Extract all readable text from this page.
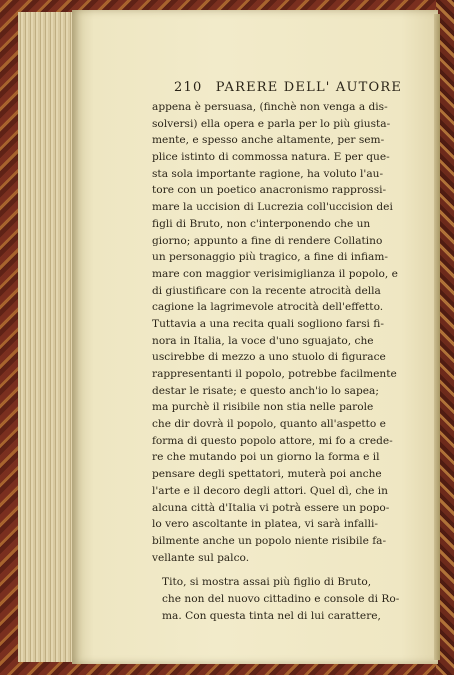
210 PARERE DELL' AUTORE
appena è persuasa, (finchè non venga a dis-
solversi) ella opera e parla per lo più giusta-
mente, e spesso anche altamente, per sem-
plice istinto di commossa natura. E per que-
sta sola importante ragione, ha voluto l'au-
tore con un poetico anacronismo rapprossi-
mare la uccision di Lucrezia coll'uccision dei
figli di Bruto, non c'interponendo che un
giorno; appunto a fine di rendere Collatino
un personaggio più tragico, a fine di infiam-
mare con maggior verisimiglianza il popolo, e
di giustificare con la recente atrocità della
cagione la lagrimevole atrocità dell'effetto.
Tuttavia a una recita quali sogliono farsi fi-
nora in Italia, la voce d'uno sguajato, che
uscirebbe di mezzo a uno stuolo di figurace
rappresentanti il popolo, potrebbe facilmente
destar le risate; e questo anch'io lo sapea;
ma purchè il risibile non stia nelle parole
che dir dovrà il popolo, quanto all'aspetto e
forma di questo popolo attore, mi fo a crede-
re che mutando poi un giorno la forma e il
pensare degli spettatori, muterà poi anche
l'arte e il decoro degli attori. Quel dì, che in
alcuna città d'Italia vi potrà essere un popo-
lo vero ascoltante in platea, vi sarà infalli-
bilmente anche un popolo niente risibile fa-
vellante sul palco.
Tito, si mostra assai più figlio di Bruto,
che non del nuovo cittadino e console di Ro-
ma. Con questa tinta nel di lui carattere,
